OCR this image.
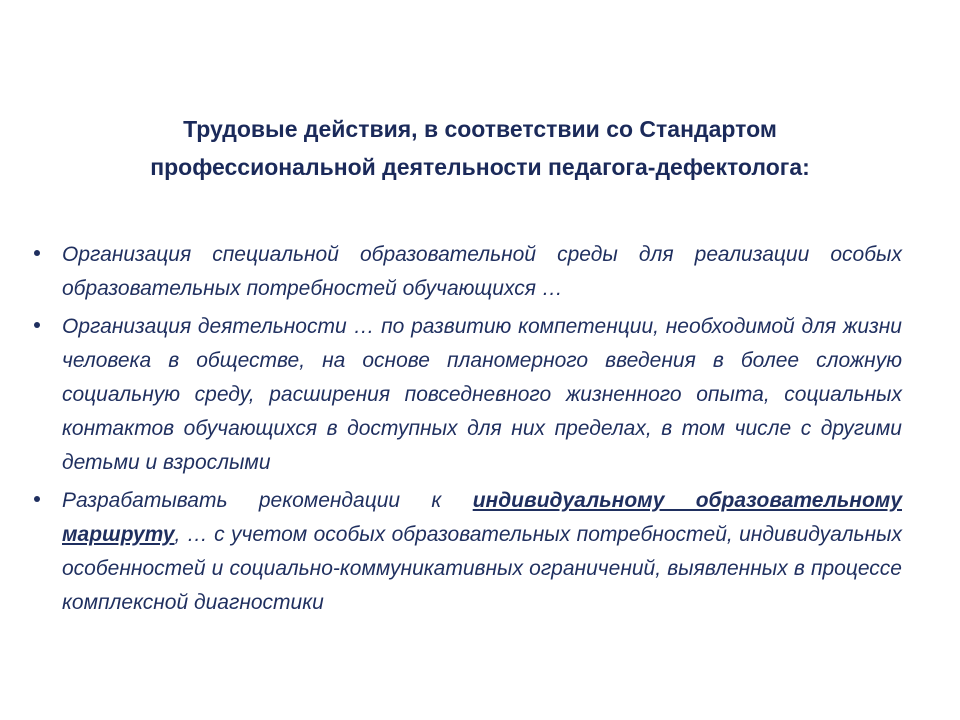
Трудовые действия, в соответствии со Стандартом
профессиональной деятельности педагога-дефектолога:
Организация специальной образовательной среды для реализации особых образовательных потребностей обучающихся …
Организация деятельности … по развитию компетенции, необходимой для жизни человека в обществе, на основе планомерного введения в более сложную социальную среду, расширения повседневного жизненного опыта, социальных контактов обучающихся в доступных для них пределах, в том числе с другими детьми и взрослыми
Разрабатывать рекомендации к индивидуальному образовательному маршруту, … с учетом особых образовательных потребностей, индивидуальных особенностей и социально-коммуникативных ограничений, выявленных в процессе комплексной диагностики
